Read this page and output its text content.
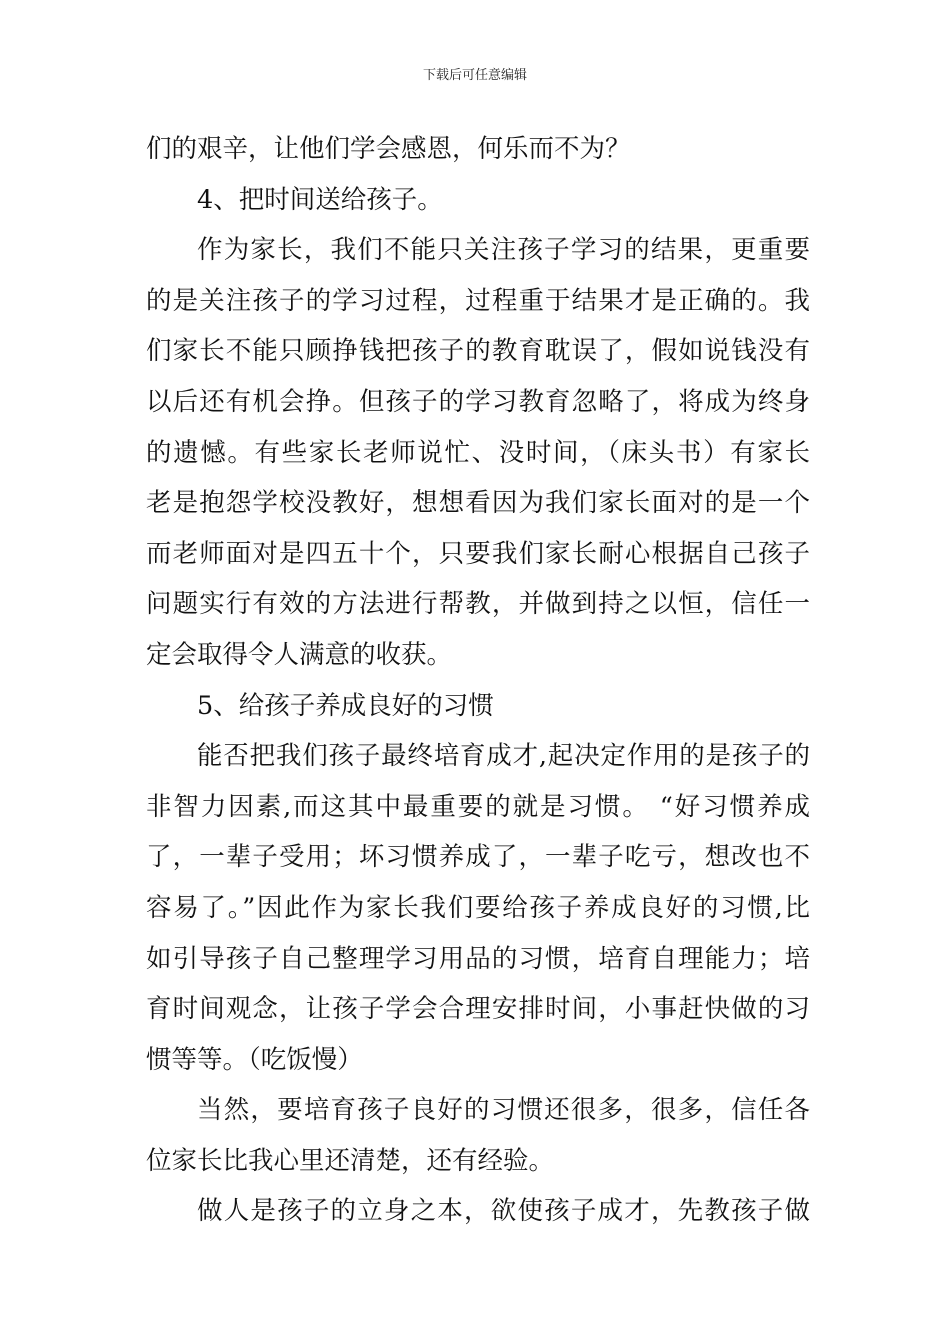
下载后可任意编辑
们的艰辛，让他们学会感恩，何乐而不为？
4、把时间送给孩子。
作为家长，我们不能只关注孩子学习的结果，更重要
的是关注孩子的学习过程，过程重于结果才是正确的。我
们家长不能只顾挣钱把孩子的教育耽误了，假如说钱没有
以后还有机会挣。但孩子的学习教育忽略了，将成为终身
的遗憾。有些家长老师说忙、没时间，（床头书）有家长
老是抱怨学校没教好，想想看因为我们家长面对的是一个
而老师面对是四五十个，只要我们家长耐心根据自己孩子
问题实行有效的方法进行帮教，并做到持之以恒，信任一
定会取得令人满意的收获。
5、给孩子养成良好的习惯
能否把我们孩子最终培育成才,起决定作用的是孩子的
非智力因素,而这其中最重要的就是习惯。 “好习惯养成
了，一辈子受用；坏习惯养成了，一辈子吃亏，想改也不
容易了。”因此作为家长我们要给孩子养成良好的习惯,比
如引导孩子自己整理学习用品的习惯，培育自理能力；培
育时间观念，让孩子学会合理安排时间，小事赶快做的习
惯等等。（吃饭慢）
当然，要培育孩子良好的习惯还很多，很多，信任各
位家长比我心里还清楚，还有经验。
做人是孩子的立身之本，欲使孩子成才，先教孩子做
